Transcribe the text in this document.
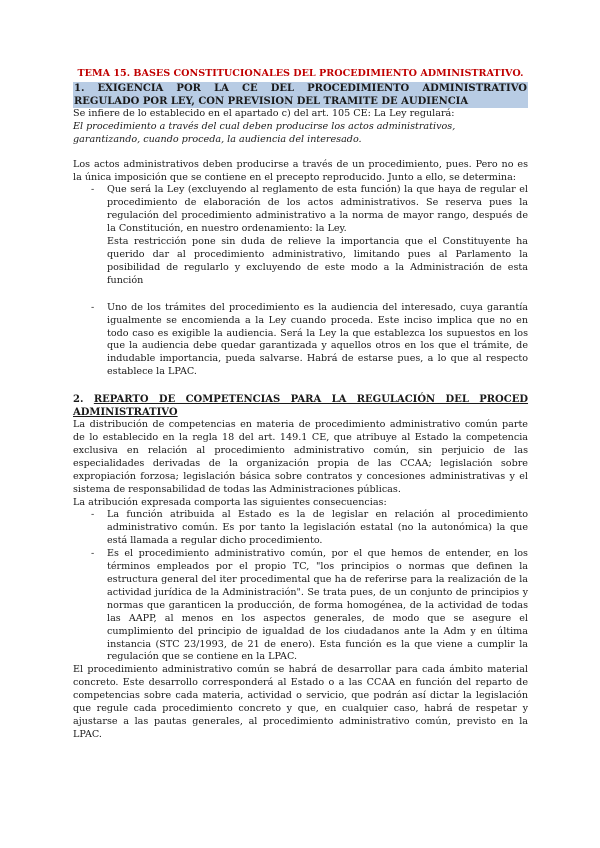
TEMA 15. BASES CONSTITUCIONALES DEL PROCEDIMIENTO ADMINISTRATIVO.
1. EXIGENCIA POR LA CE DEL PROCEDIMIENTO ADMINISTRATIVO REGULADO POR LEY, CON PREVISION DEL TRAMITE DE AUDIENCIA

Se infiere de lo establecido en el apartado c) del art. 105 CE: La Ley regulará:

El procedimiento a través del cual deben producirse los actos administrativos,

garantizando, cuando proceda, la audiencia del interesado.

Los actos administrativos deben producirse a través de un procedimiento, pues. Pero no es la única imposición que se contiene en el precepto reproducido. Junto a ello, se determina:

- Que será la Ley (excluyendo al reglamento de esta función) la que haya de regular el procedimiento de elaboración de los actos administrativos. Se reserva pues la regulación del procedimiento administrativo a la norma de mayor rango, después de la Constitución, en nuestro ordenamiento: la Ley.

Esta restricción pone sin duda de relieve la importancia que el Constituyente ha querido dar al procedimiento administrativo, limitando pues al Parlamento la posibilidad de regularlo y excluyendo de este modo a la Administración de esta función

- Uno de los trámites del procedimiento es la audiencia del interesado, cuya garantía igualmente se encomienda a la Ley cuando proceda. Este inciso implica que no en todo caso es exigible la audiencia. Será la Ley la que establezca los supuestos en los que la audiencia debe quedar garantizada y aquellos otros en los que el trámite, de indudable importancia, pueda salvarse. Habrá de estarse pues, a lo que al respecto establece la LPAC.

2. REPARTO DE COMPETENCIAS PARA LA REGULACIÓN DEL PROCED ADMINISTRATIVO

La distribución de competencias en materia de procedimiento administrativo común parte de lo establecido en la regla 18 del art. 149.1 CE, que atribuye al Estado la competencia exclusiva en relación al procedimiento administrativo común, sin perjuicio de las especialidades derivadas de la organización propia de las CCAA; legislación sobre expropiación forzosa; legislación básica sobre contratos y concesiones administrativas y el sistema de responsabilidad de todas las Administraciones públicas.

La atribución expresada comporta las siguientes consecuencias:

- La función atribuida al Estado es la de legislar en relación al procedimiento administrativo común. Es por tanto la legislación estatal (no la autonómica) la que está llamada a regular dicho procedimiento.

- Es el procedimiento administrativo común, por el que hemos de entender, en los términos empleados por el propio TC, "los principios o normas que definen la estructura general del iter procedimental que ha de referirse para la realización de la actividad jurídica de la Administración". Se trata pues, de un conjunto de principios y normas que garanticen la producción, de forma homogénea, de la actividad de todas las AAPP, al menos en los aspectos generales, de modo que se asegure el cumplimiento del principio de igualdad de los ciudadanos ante la Adm y en última instancia (STC 23/1993, de 21 de enero). Esta función es la que viene a cumplir la regulación que se contiene en la LPAC.

El procedimiento administrativo común se habrá de desarrollar para cada ámbito material concreto. Este desarrollo corresponderá al Estado o a las CCAA en función del reparto de competencias sobre cada materia, actividad o servicio, que podrán así dictar la legislación que regule cada procedimiento concreto y que, en cualquier caso, habrá de respetar y ajustarse a las pautas generales, al procedimiento administrativo común, previsto en la LPAC.
